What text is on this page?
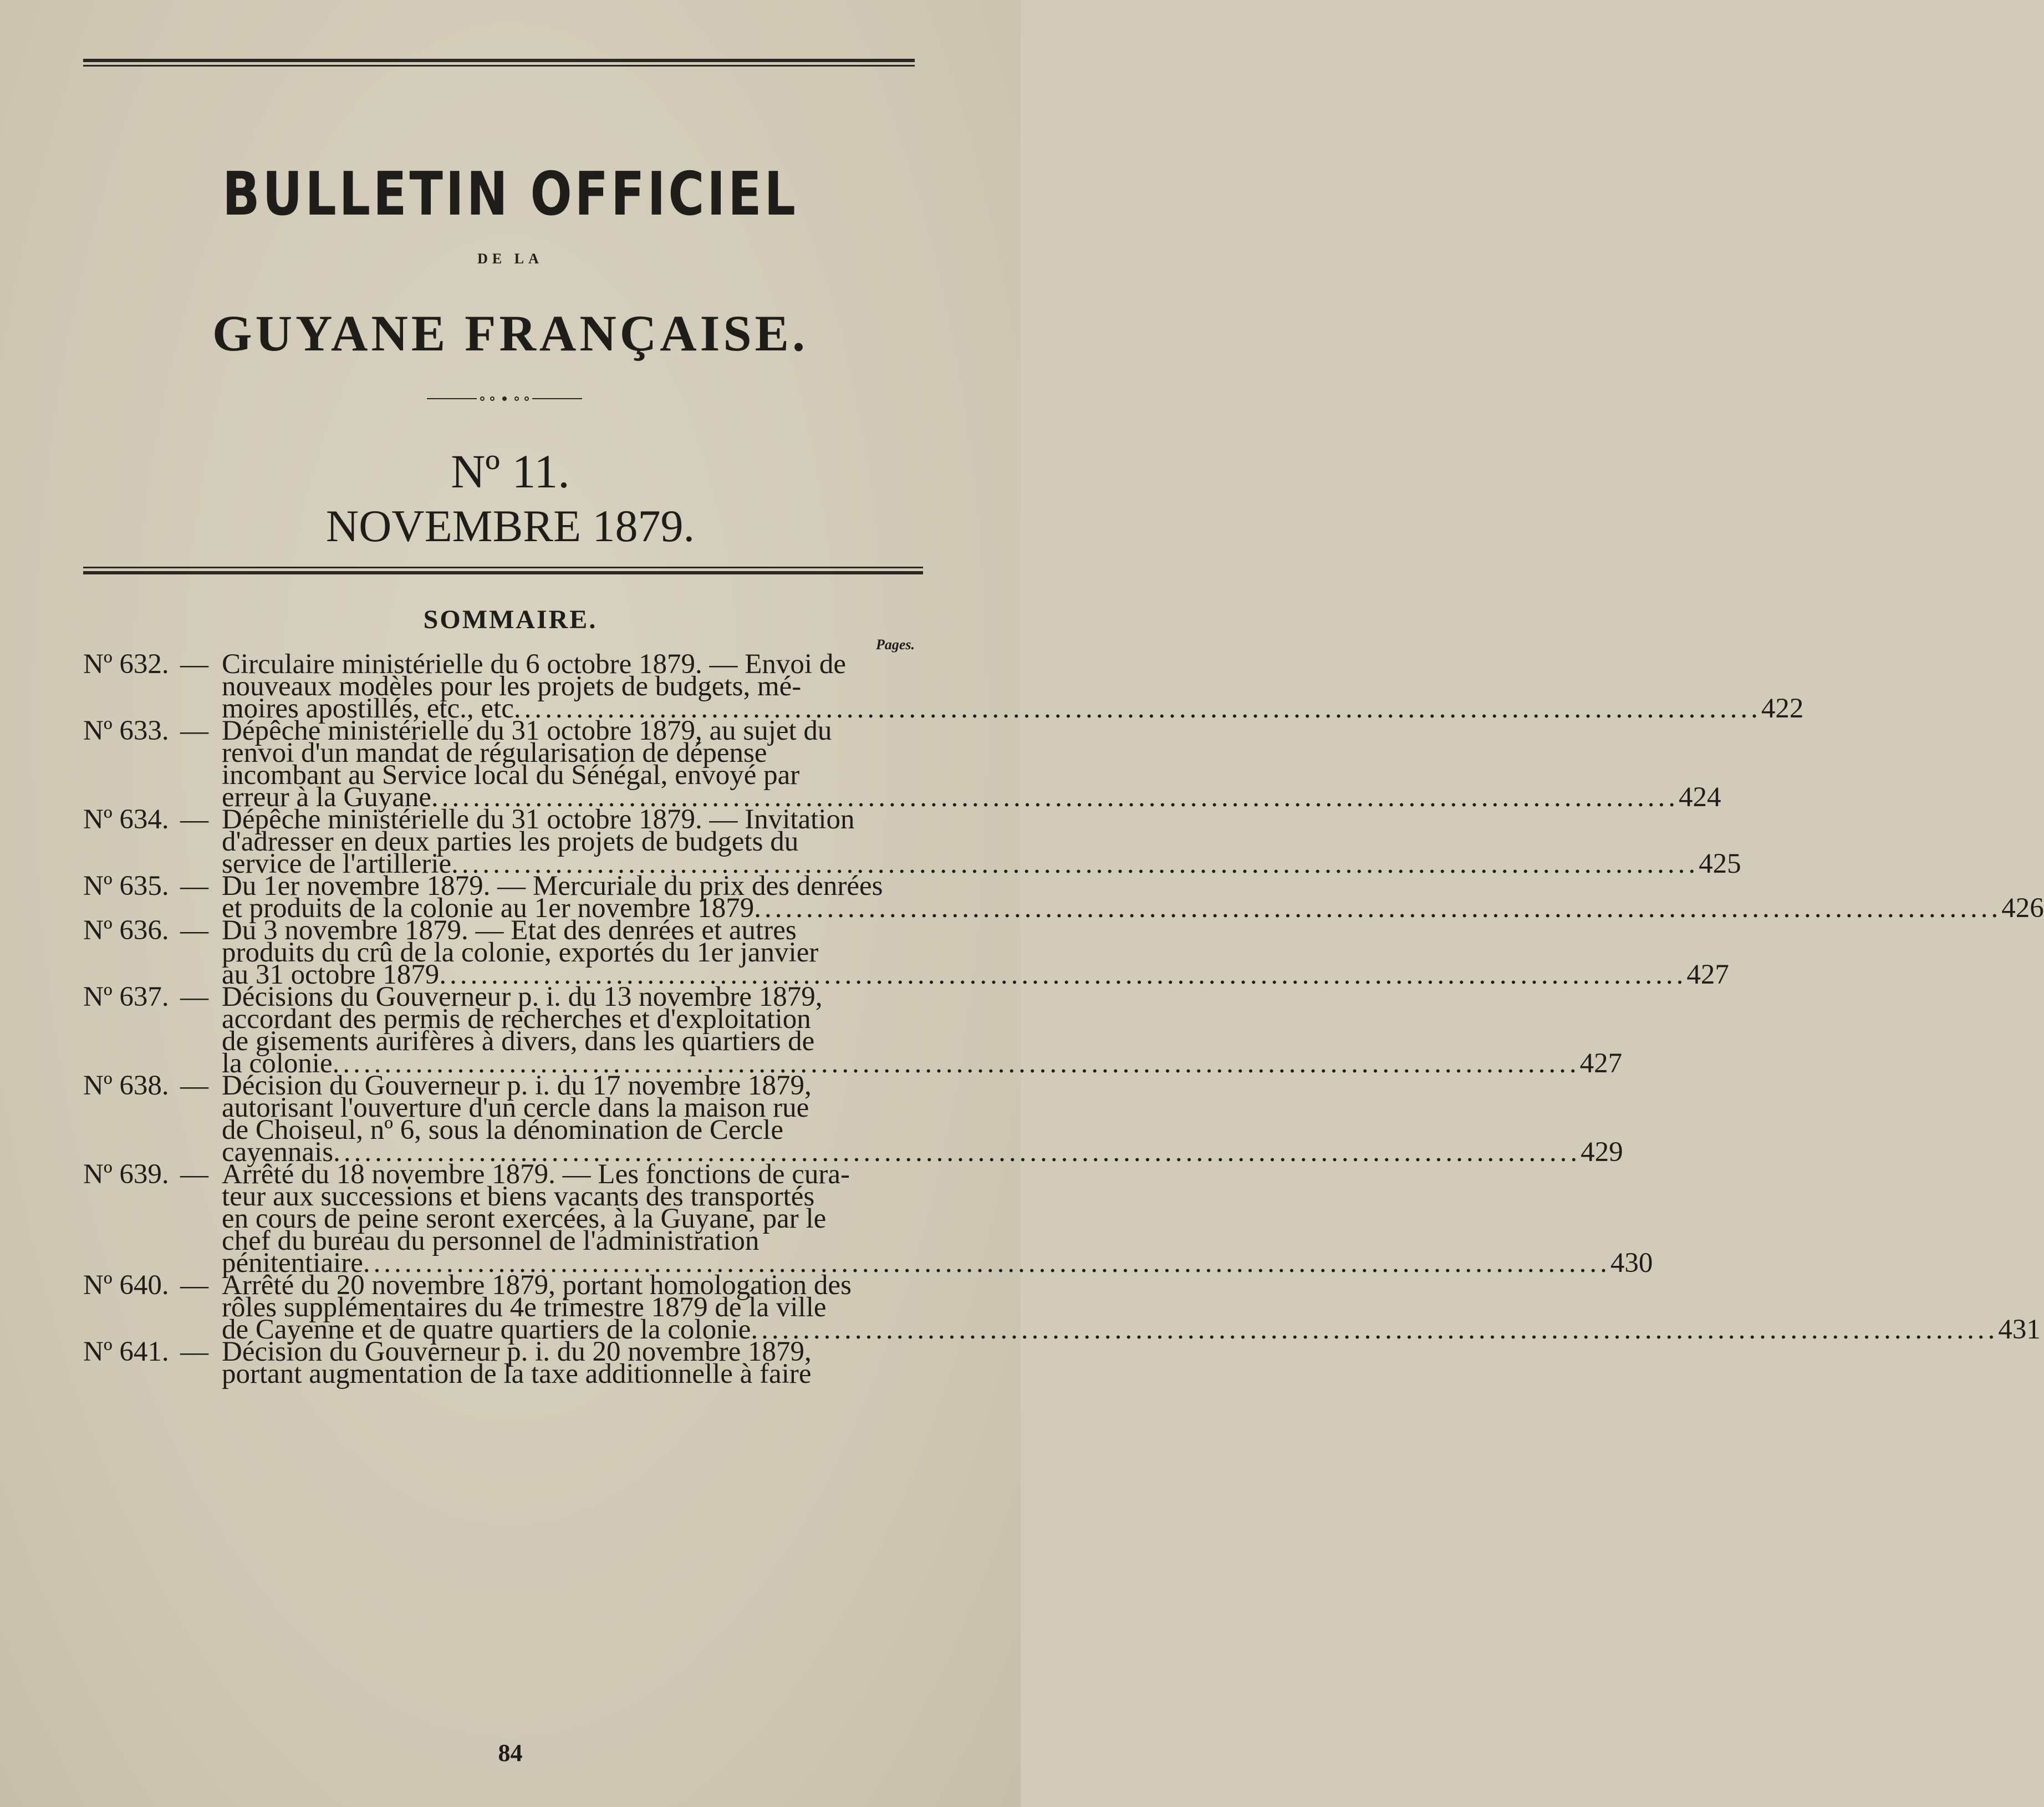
BULLETIN OFFICIEL
DE LA
GUYANE FRANÇAISE.
Nº 11.
NOVEMBRE 1879.
SOMMAIRE.
Pages.
Nº 632. — Circulaire ministérielle du 6 octobre 1879. — Envoi de
nouveaux modèles pour les projets de budgets, mé-
moires apostillés, etc., etc ........................................................................................................................ 422
Nº 633. — Dépêche ministérielle du 31 octobre 1879, au sujet du
renvoi d'un mandat de régularisation de dépense
incombant au Service local du Sénégal, envoyé par
erreur à la Guyane ........................................................................................................................ 424
Nº 634. — Dépêche ministérielle du 31 octobre 1879. — Invitation
d'adresser en deux parties les projets de budgets du
service de l'artillerie ........................................................................................................................ 425
Nº 635. — Du 1er novembre 1879. — Mercuriale du prix des denrées
et produits de la colonie au 1er novembre 1879 ........................................................................................................................ 426
Nº 636. — Du 3 novembre 1879. — Etat des denrées et autres
produits du crû de la colonie, exportés du 1er janvier
au 31 octobre 1879 ........................................................................................................................ 427
Nº 637. — Décisions du Gouverneur p. i. du 13 novembre 1879,
accordant des permis de recherches et d'exploitation
de gisements aurifères à divers, dans les quartiers de
la colonie ........................................................................................................................ 427
Nº 638. — Décision du Gouverneur p. i. du 17 novembre 1879,
autorisant l'ouverture d'un cercle dans la maison rue
de Choiseul, nº 6, sous la dénomination de Cercle
cayennais ........................................................................................................................ 429
Nº 639. — Arrêté du 18 novembre 1879. — Les fonctions de cura-
teur aux successions et biens vacants des transportés
en cours de peine seront exercées, à la Guyane, par le
chef du bureau du personnel de l'administration
pénitentiaire ........................................................................................................................ 430
Nº 640. — Arrêté du 20 novembre 1879, portant homologation des
rôles supplémentaires du 4e trimestre 1879 de la ville
de Cayenne et de quatre quartiers de la colonie ........................................................................................................................ 431
Nº 641. — Décision du Gouverneur p. i. du 20 novembre 1879,
portant augmentation de la taxe additionnelle à faire
84
